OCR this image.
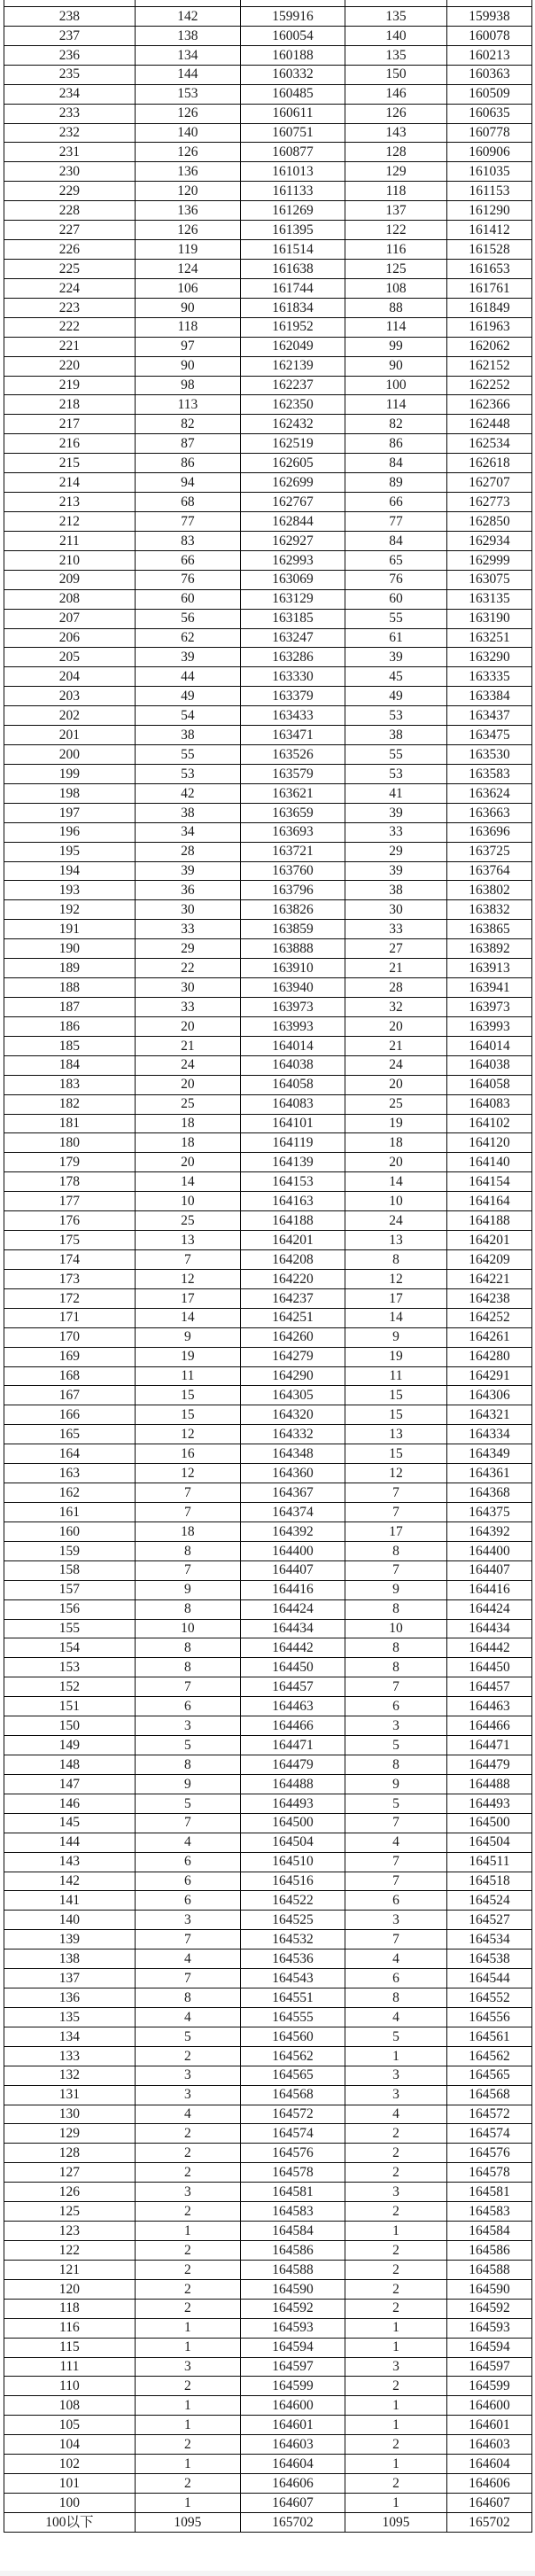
238	142	159916	135	159938
237	138	160054	140	160078
236	134	160188	135	160213
235	144	160332	150	160363
234	153	160485	146	160509
233	126	160611	126	160635
232	140	160751	143	160778
231	126	160877	128	160906
230	136	161013	129	161035
229	120	161133	118	161153
228	136	161269	137	161290
227	126	161395	122	161412
226	119	161514	116	161528
225	124	161638	125	161653
224	106	161744	108	161761
223	90	161834	88	161849
222	118	161952	114	161963
221	97	162049	99	162062
220	90	162139	90	162152
219	98	162237	100	162252
218	113	162350	114	162366
217	82	162432	82	162448
216	87	162519	86	162534
215	86	162605	84	162618
214	94	162699	89	162707
213	68	162767	66	162773
212	77	162844	77	162850
211	83	162927	84	162934
210	66	162993	65	162999
209	76	163069	76	163075
208	60	163129	60	163135
207	56	163185	55	163190
206	62	163247	61	163251
205	39	163286	39	163290
204	44	163330	45	163335
203	49	163379	49	163384
202	54	163433	53	163437
201	38	163471	38	163475
200	55	163526	55	163530
199	53	163579	53	163583
198	42	163621	41	163624
197	38	163659	39	163663
196	34	163693	33	163696
195	28	163721	29	163725
194	39	163760	39	163764
193	36	163796	38	163802
192	30	163826	30	163832
191	33	163859	33	163865
190	29	163888	27	163892
189	22	163910	21	163913
188	30	163940	28	163941
187	33	163973	32	163973
186	20	163993	20	163993
185	21	164014	21	164014
184	24	164038	24	164038
183	20	164058	20	164058
182	25	164083	25	164083
181	18	164101	19	164102
180	18	164119	18	164120
179	20	164139	20	164140
178	14	164153	14	164154
177	10	164163	10	164164
176	25	164188	24	164188
175	13	164201	13	164201
174	7	164208	8	164209
173	12	164220	12	164221
172	17	164237	17	164238
171	14	164251	14	164252
170	9	164260	9	164261
169	19	164279	19	164280
168	11	164290	11	164291
167	15	164305	15	164306
166	15	164320	15	164321
165	12	164332	13	164334
164	16	164348	15	164349
163	12	164360	12	164361
162	7	164367	7	164368
161	7	164374	7	164375
160	18	164392	17	164392
159	8	164400	8	164400
158	7	164407	7	164407
157	9	164416	9	164416
156	8	164424	8	164424
155	10	164434	10	164434
154	8	164442	8	164442
153	8	164450	8	164450
152	7	164457	7	164457
151	6	164463	6	164463
150	3	164466	3	164466
149	5	164471	5	164471
148	8	164479	8	164479
147	9	164488	9	164488
146	5	164493	5	164493
145	7	164500	7	164500
144	4	164504	4	164504
143	6	164510	7	164511
142	6	164516	7	164518
141	6	164522	6	164524
140	3	164525	3	164527
139	7	164532	7	164534
138	4	164536	4	164538
137	7	164543	6	164544
136	8	164551	8	164552
135	4	164555	4	164556
134	5	164560	5	164561
133	2	164562	1	164562
132	3	164565	3	164565
131	3	164568	3	164568
130	4	164572	4	164572
129	2	164574	2	164574
128	2	164576	2	164576
127	2	164578	2	164578
126	3	164581	3	164581
125	2	164583	2	164583
123	1	164584	1	164584
122	2	164586	2	164586
121	2	164588	2	164588
120	2	164590	2	164590
118	2	164592	2	164592
116	1	164593	1	164593
115	1	164594	1	164594
111	3	164597	3	164597
110	2	164599	2	164599
108	1	164600	1	164600
105	1	164601	1	164601
104	2	164603	2	164603
102	1	164604	1	164604
101	2	164606	2	164606
100	1	164607	1	164607
100以下	1095	165702	1095	165702
